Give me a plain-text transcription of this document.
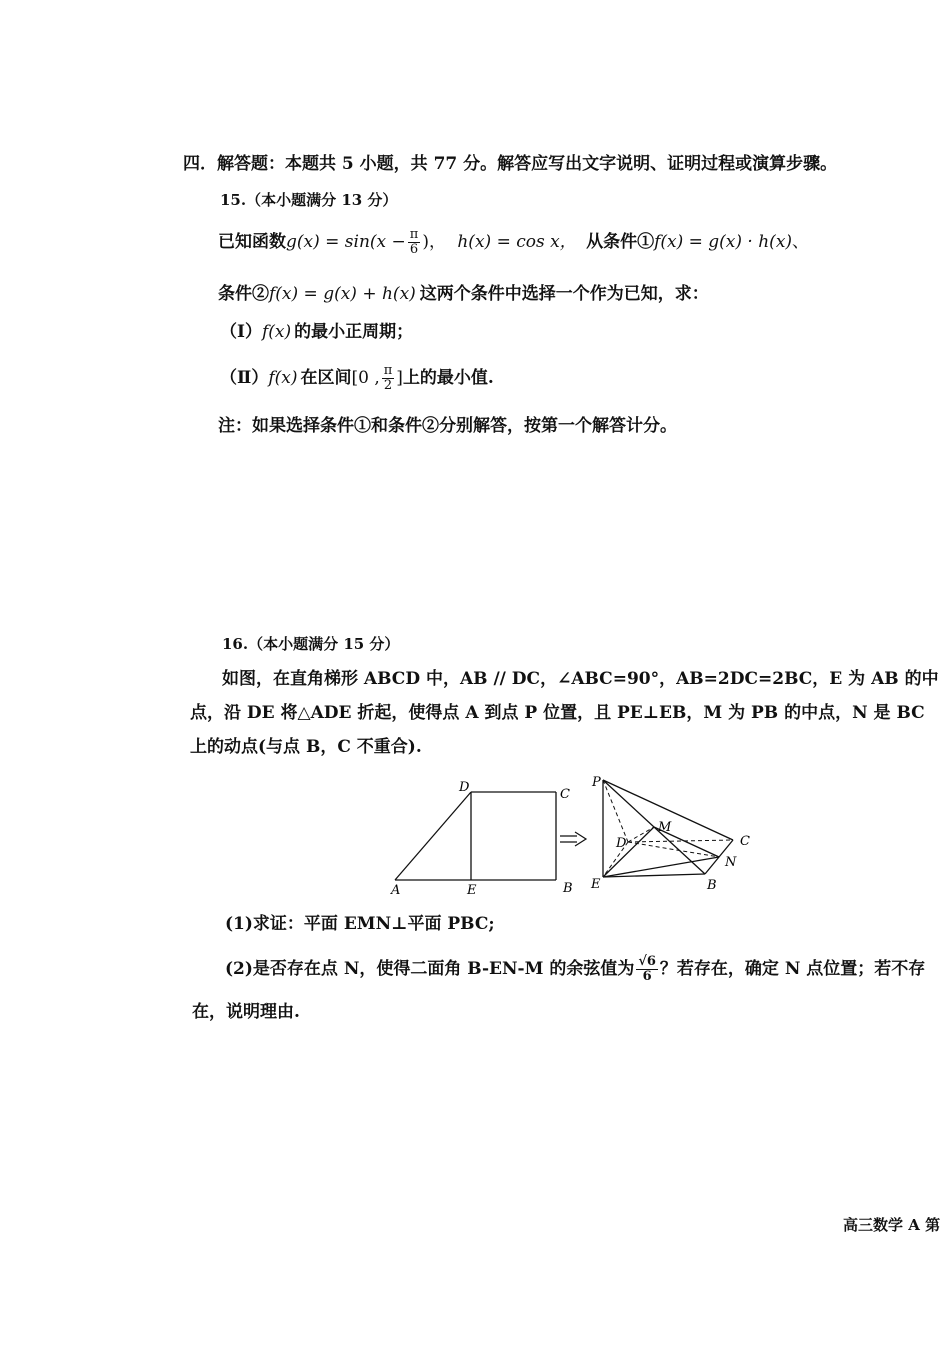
四．解答题：本题共 5 小题，共 77 分。解答应写出文字说明、证明过程或演算步骤。
15.（本小题满分 13 分）
已知函数$g(x) = \sin(x - \frac{\pi}{6}$ )， h(x) = cos x， 从条件①f(x) = g(x) · h(x)、
条件②f(x) = g(x) + h(x) 这两个条件中选择一个作为已知，求：
（Ⅰ）f(x) 的最小正周期；
（Ⅱ）f(x) 在区间[0 , $\frac{\pi}{2}$ ]上的最小值.
注：如果选择条件①和条件②分别解答，按第一个解答计分。
16.（本小题满分 15 分）
如图，在直角梯形 ABCD 中，AB // DC，∠ABC=90°，AB=2DC=2BC，E 为 AB 的中
点，沿 DE 将△ADE 折起，使得点 A 到点 P 位置，且 PE⊥EB，M 为 PB 的中点，N 是 BC
上的动点(与点 B，C 不重合).
D	C
A	E	B
P
M
D	C
N
E	B
(1)求证：平面 EMN⊥平面 PBC;
(2)是否存在点 N，使得二面角 B-EN-M 的余弦值为 $\frac{√6}{6}$ ？若存在，确定 N 点位置；若不存
在，说明理由.
高三数学 A 第
